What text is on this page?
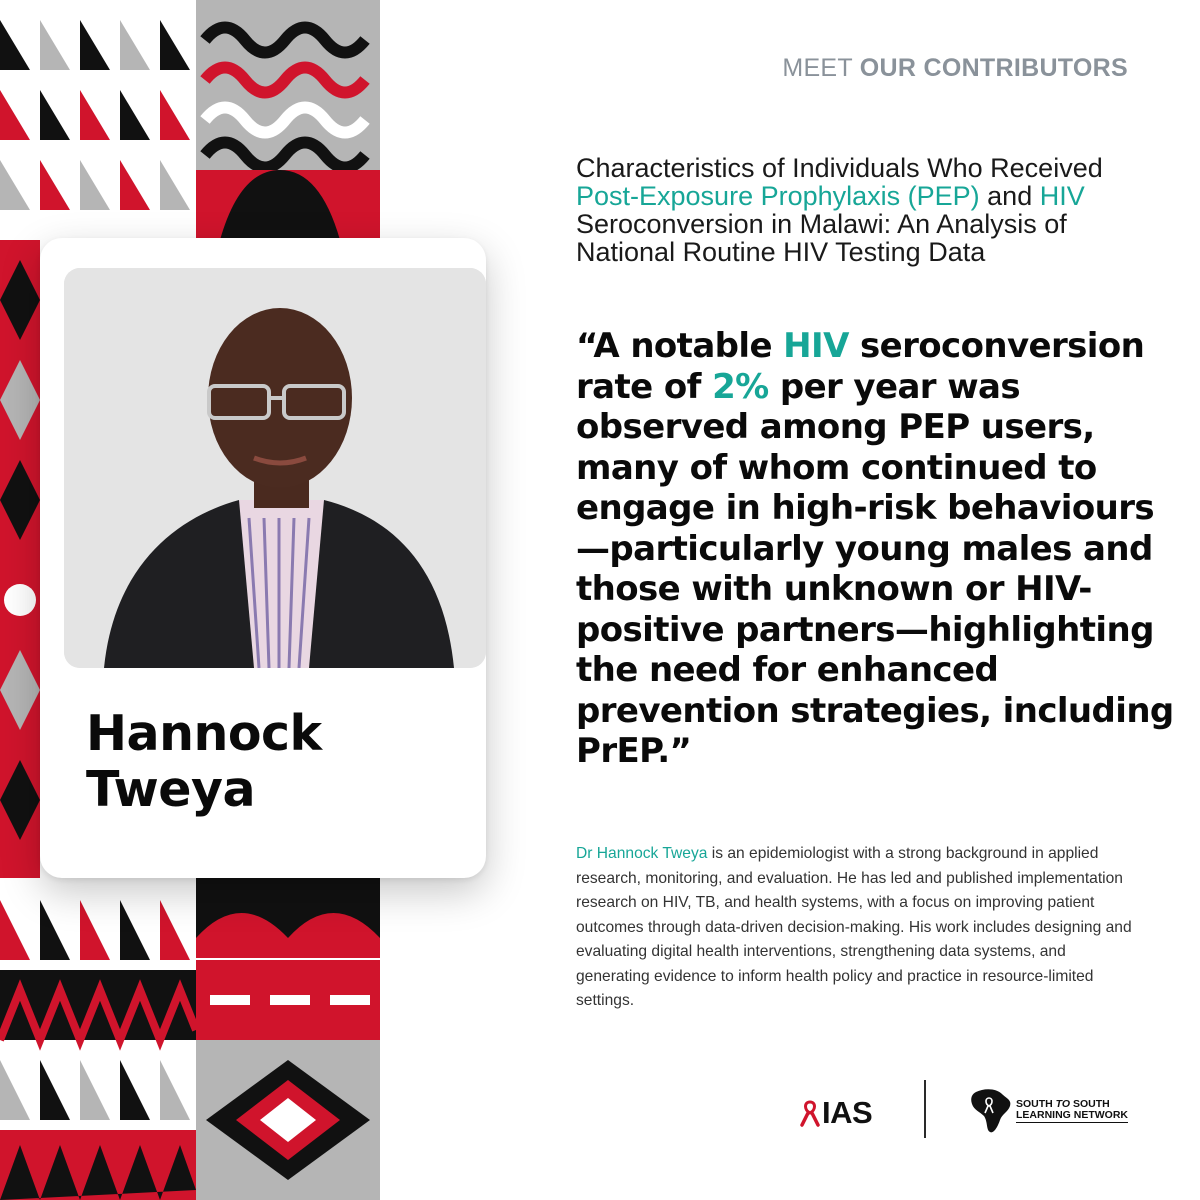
Hannock
Tweya
MEET OUR CONTRIBUTORS
Characteristics of Individuals Who Received Post-Exposure Prophylaxis (PEP) and HIV Seroconversion in Malawi: An Analysis of National Routine HIV Testing Data
“A notable HIV seroconversion rate of 2% per year was observed among PEP users, many of whom continued to engage in high-risk behaviours—particularly young males and those with unknown or HIV-positive partners—highlighting the need for enhanced prevention strategies, including PrEP.”
Dr Hannock Tweya is an epidemiologist with a strong background in applied research, monitoring, and evaluation. He has led and published implementation research on HIV, TB, and health systems, with a focus on improving patient outcomes through data-driven decision-making. His work includes designing and evaluating digital health interventions, strengthening data systems, and generating evidence to inform health policy and practice in resource-limited settings.
IAS	SOUTH TO SOUTH
LEARNING NETWORK
